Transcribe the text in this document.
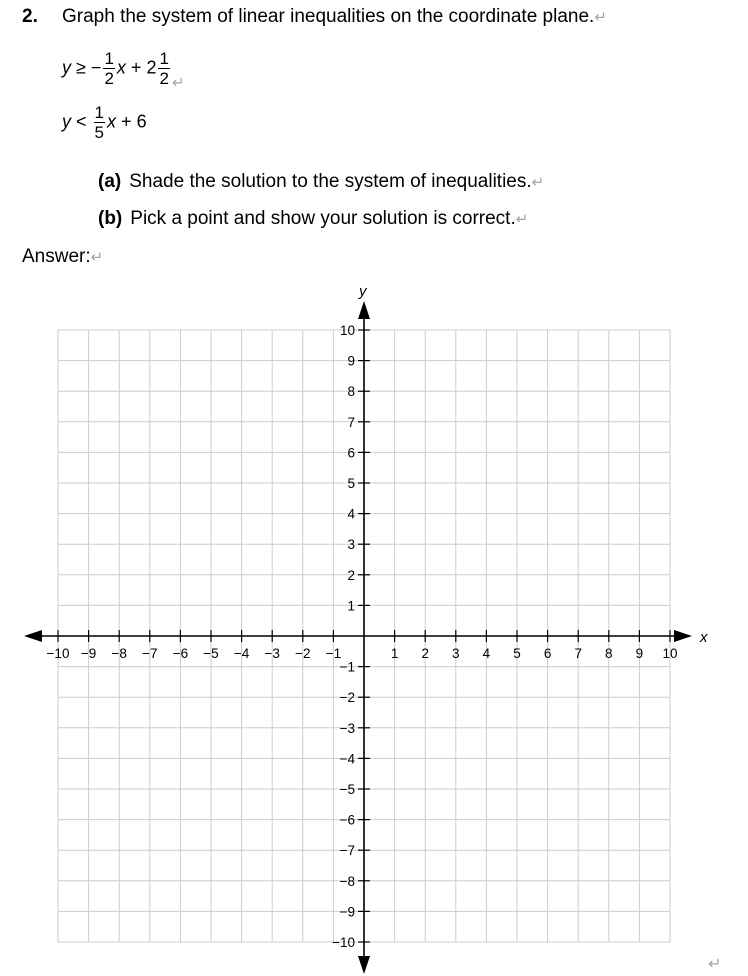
2. Graph the system of linear inequalities on the coordinate plane.↵
y ≥ − $\frac{1}{2}$ $x + 2 \frac{1}{2} _↵$
$y < \frac{1}{5}$ x + 6
(a) Shade the solution to the system of inequalities.↵
(b) Pick a point and show your solution is correct.↵
Answer:↵
x
y
−10 −9 −8 −7 −6 −5 −4 −3 −2 −1	1 2 3 4 5 6 7 8 9 10
10
9
8
7
6
5
4
3
2
1
−1
−2
−3
−4
−5
−6
−7
−8
−9
−10
↵
